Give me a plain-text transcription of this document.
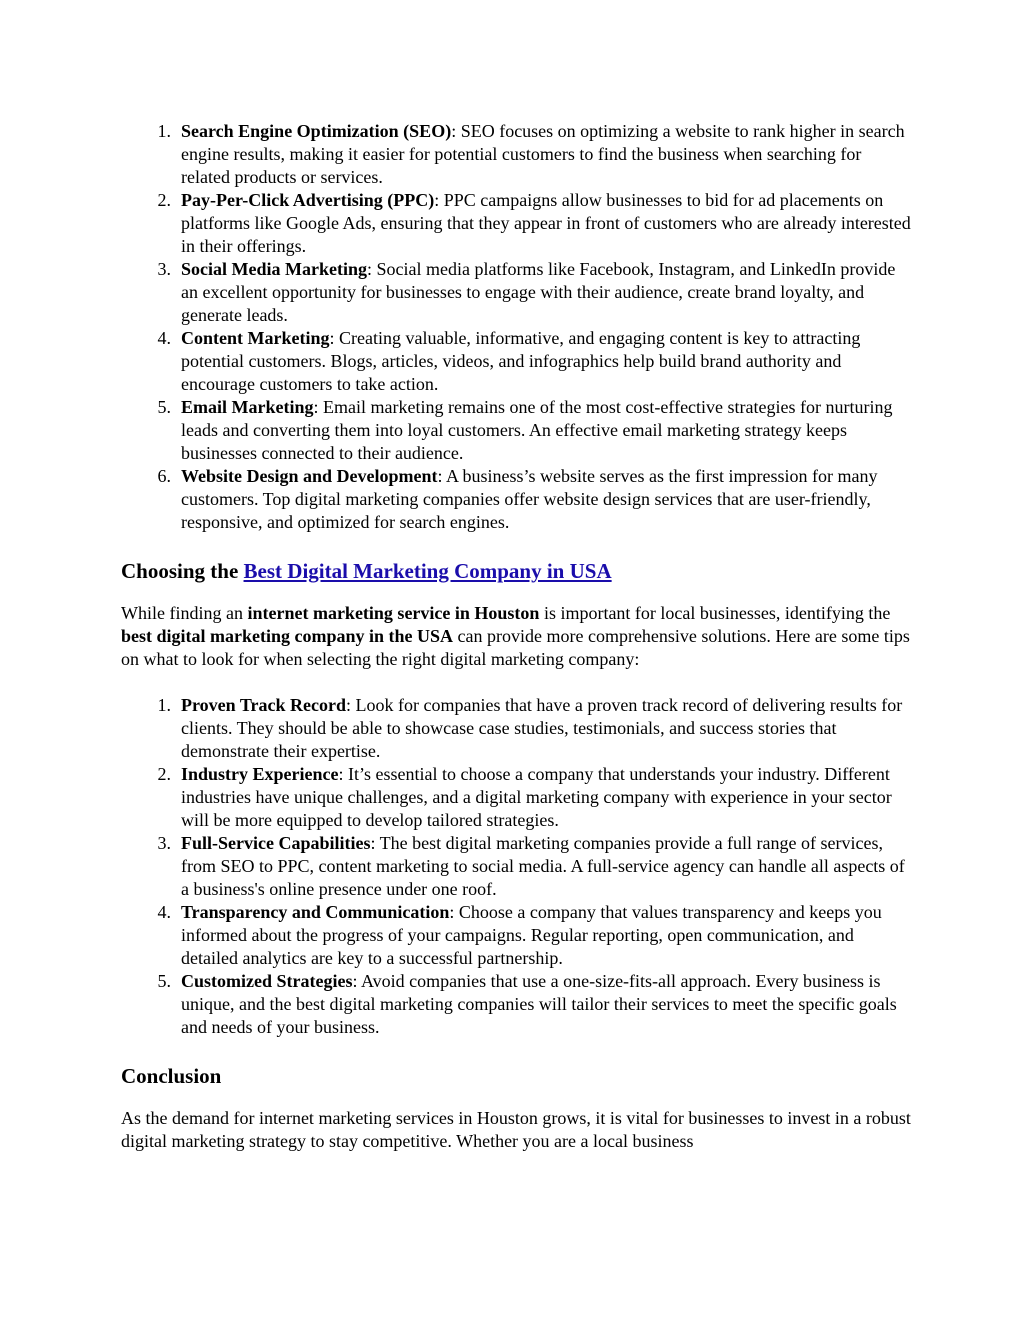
1. Search Engine Optimization (SEO): SEO focuses on optimizing a website to rank higher in search engine results, making it easier for potential customers to find the business when searching for related products or services.
2. Pay-Per-Click Advertising (PPC): PPC campaigns allow businesses to bid for ad placements on platforms like Google Ads, ensuring that they appear in front of customers who are already interested in their offerings.
3. Social Media Marketing: Social media platforms like Facebook, Instagram, and LinkedIn provide an excellent opportunity for businesses to engage with their audience, create brand loyalty, and generate leads.
4. Content Marketing: Creating valuable, informative, and engaging content is key to attracting potential customers. Blogs, articles, videos, and infographics help build brand authority and encourage customers to take action.
5. Email Marketing: Email marketing remains one of the most cost-effective strategies for nurturing leads and converting them into loyal customers. An effective email marketing strategy keeps businesses connected to their audience.
6. Website Design and Development: A business’s website serves as the first impression for many customers. Top digital marketing companies offer website design services that are user-friendly, responsive, and optimized for search engines.
Choosing the Best Digital Marketing Company in USA

While finding an internet marketing service in Houston is important for local businesses, identifying the best digital marketing company in the USA can provide more comprehensive solutions. Here are some tips on what to look for when selecting the right digital marketing company:

1. Proven Track Record: Look for companies that have a proven track record of delivering results for clients. They should be able to showcase case studies, testimonials, and success stories that demonstrate their expertise.
2. Industry Experience: It’s essential to choose a company that understands your industry. Different industries have unique challenges, and a digital marketing company with experience in your sector will be more equipped to develop tailored strategies.
3. Full-Service Capabilities: The best digital marketing companies provide a full range of services, from SEO to PPC, content marketing to social media. A full-service agency can handle all aspects of a business's online presence under one roof.
4. Transparency and Communication: Choose a company that values transparency and keeps you informed about the progress of your campaigns. Regular reporting, open communication, and detailed analytics are key to a successful partnership.
5. Customized Strategies: Avoid companies that use a one-size-fits-all approach. Every business is unique, and the best digital marketing companies will tailor their services to meet the specific goals and needs of your business.
Conclusion

As the demand for internet marketing services in Houston grows, it is vital for businesses to invest in a robust digital marketing strategy to stay competitive. Whether you are a local business
